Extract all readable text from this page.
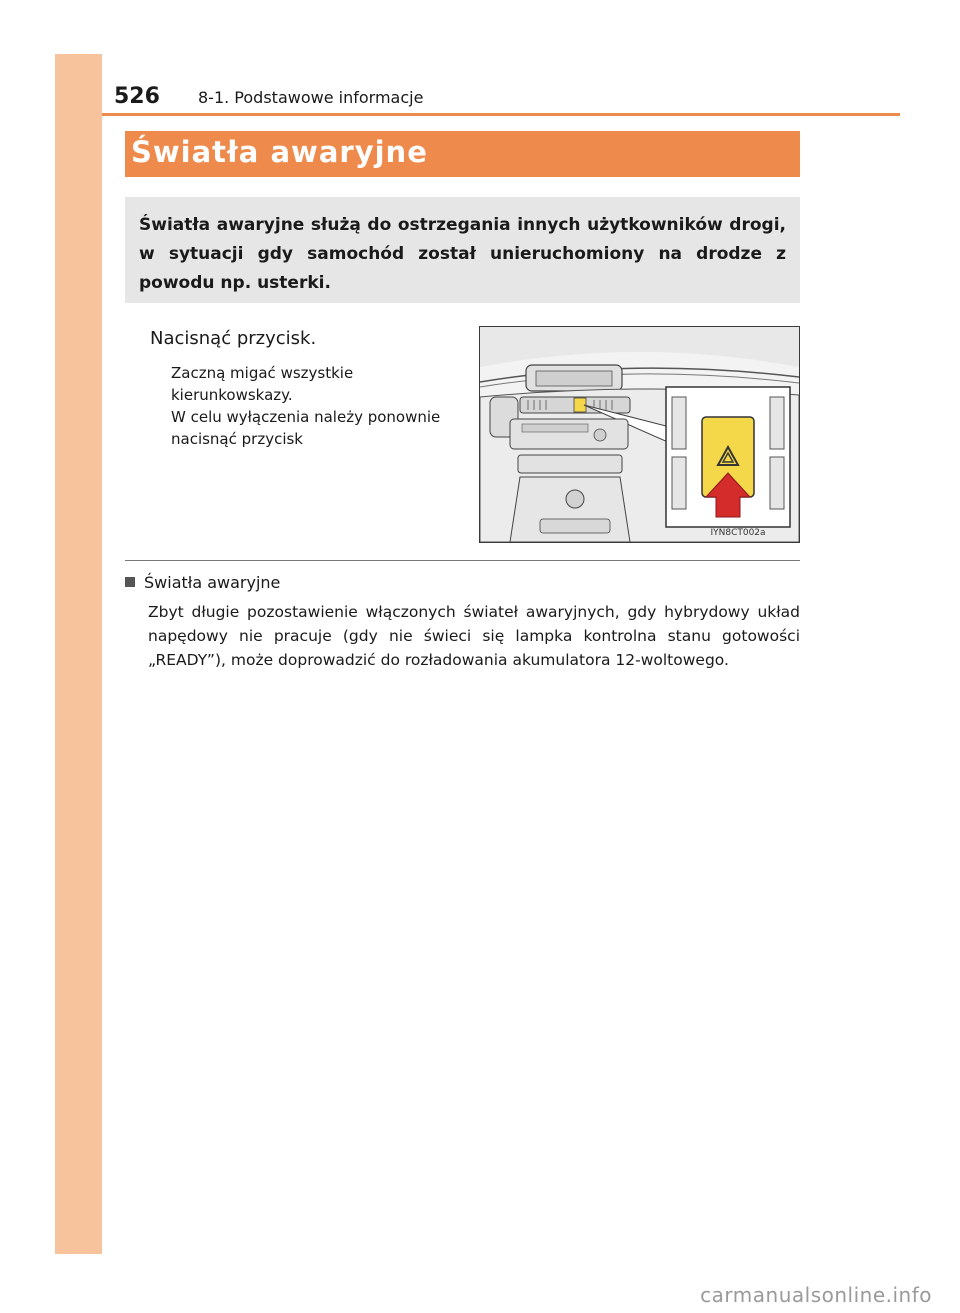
526 8-1. Podstawowe informacje
Światła awaryjne
Światła awaryjne służą do ostrzegania innych użytkowników drogi, w sytuacji gdy samochód został unieruchomiony na drodze z powodu np. usterki.
Nacisnąć przycisk.

Zaczną migać wszystkie kierunkowskazy.

W celu wyłączenia należy ponownie nacisnąć przycisk

IYN8CT002a
Światła awaryjne
Zbyt długie pozostawienie włączonych świateł awaryjnych, gdy hybrydowy układ napędowy nie pracuje (gdy nie świeci się lampka kontrolna stanu gotowości „READY”), może doprowadzić do rozładowania akumulatora 12-woltowego.
carmanualsonline.info
